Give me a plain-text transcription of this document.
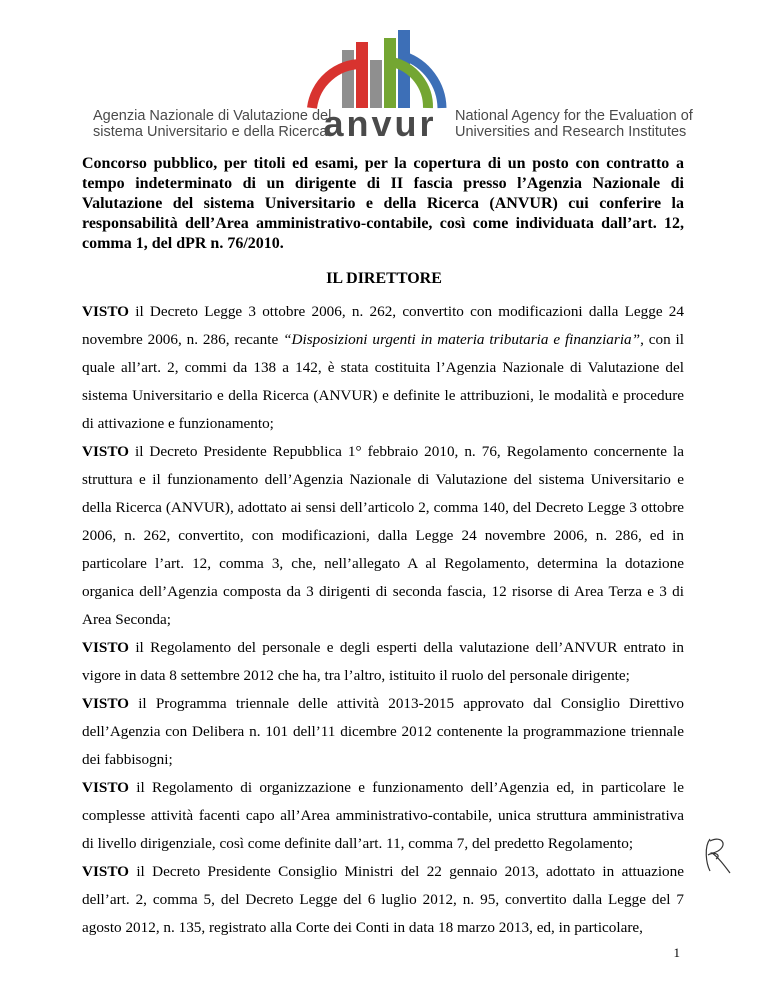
Agenzia Nazionale di Valutazione del
sistema Universitario e della Ricerca
anvur National Agency for the Evaluation of
Universities and Research Institutes
Concorso pubblico, per titoli ed esami, per la copertura di un posto con contratto a tempo indeterminato di un dirigente di II fascia presso l’Agenzia Nazionale di Valutazione del sistema Universitario e della Ricerca (ANVUR) cui conferire la responsabilità dell’Area amministrativo-contabile, così come individuata dall’art. 12, comma 1, del dPR n. 76/2010.
IL DIRETTORE

VISTO il Decreto Legge 3 ottobre 2006, n. 262, convertito con modificazioni dalla Legge 24 novembre 2006, n. 286, recante “Disposizioni urgenti in materia tributaria e finanziaria”, con il quale all’art. 2, commi da 138 a 142, è stata costituita l’Agenzia Nazionale di Valutazione del sistema Universitario e della Ricerca (ANVUR) e definite le attribuzioni, le modalità e procedure di attivazione e funzionamento;

VISTO il Decreto Presidente Repubblica 1° febbraio 2010, n. 76, Regolamento concernente la struttura e il funzionamento dell’Agenzia Nazionale di Valutazione del sistema Universitario e della Ricerca (ANVUR), adottato ai sensi dell’articolo 2, comma 140, del Decreto Legge 3 ottobre 2006, n. 262, convertito, con modificazioni, dalla Legge 24 novembre 2006, n. 286, ed in particolare l’art. 12, comma 3, che, nell’allegato A al Regolamento, determina la dotazione organica dell’Agenzia composta da 3 dirigenti di seconda fascia, 12 risorse di Area Terza e 3 di Area Seconda;

VISTO il Regolamento del personale e degli esperti della valutazione dell’ANVUR entrato in vigore in data 8 settembre 2012 che ha, tra l’altro, istituito il ruolo del personale dirigente;

VISTO il Programma triennale delle attività 2013-2015 approvato dal Consiglio Direttivo dell’Agenzia con Delibera n. 101 dell’11 dicembre 2012 contenente la programmazione triennale dei fabbisogni;

VISTO il Regolamento di organizzazione e funzionamento dell’Agenzia ed, in particolare le complesse attività facenti capo all’Area amministrativo-contabile, unica struttura amministrativa di livello dirigenziale, così come definite dall’art. 11, comma 7, del predetto Regolamento;

VISTO il Decreto Presidente Consiglio Ministri del 22 gennaio 2013, adottato in attuazione dell’art. 2, comma 5, del Decreto Legge del 6 luglio 2012, n. 95, convertito dalla Legge del 7 agosto 2012, n. 135, registrato alla Corte dei Conti in data 18 marzo 2013, ed, in particolare,

1
